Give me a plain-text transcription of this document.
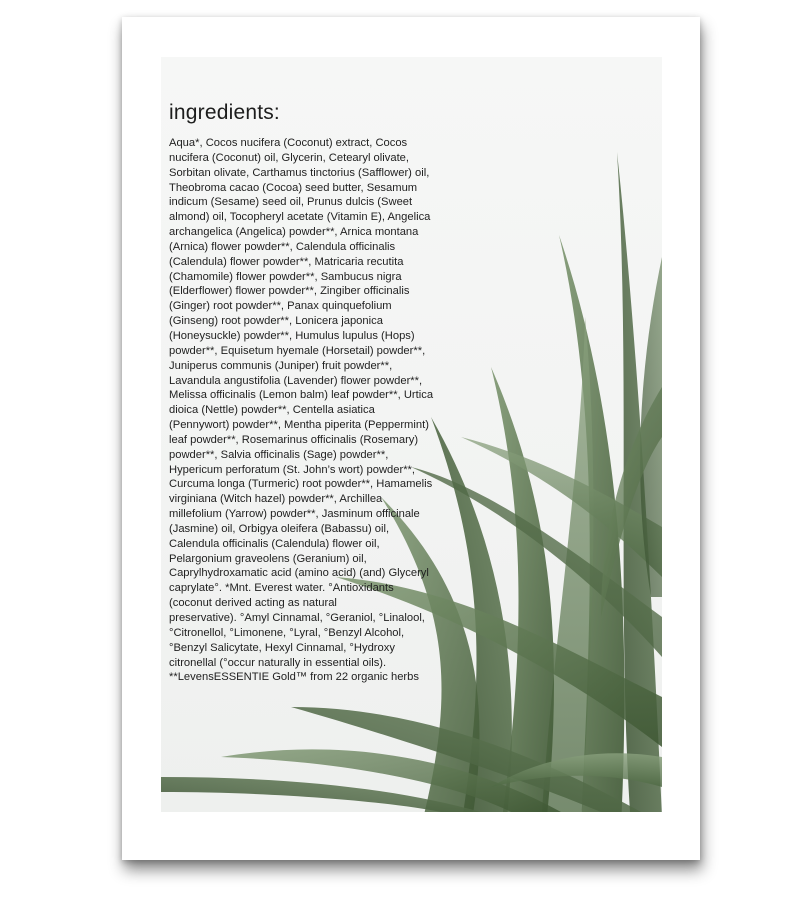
ingredients:

Aqua*, Cocos nucifera (Coconut) extract, Cocos
nucifera (Coconut) oil, Glycerin, Cetearyl olivate,
Sorbitan olivate, Carthamus tinctorius (Safflower) oil,
Theobroma cacao (Cocoa) seed butter, Sesamum
indicum (Sesame) seed oil, Prunus dulcis (Sweet
almond) oil, Tocopheryl acetate (Vitamin E), Angelica
archangelica (Angelica) powder**, Arnica montana
(Arnica) flower powder**, Calendula officinalis
(Calendula) flower powder**, Matricaria recutita
(Chamomile) flower powder**, Sambucus nigra
(Elderflower) flower powder**, Zingiber officinalis
(Ginger) root powder**, Panax quinquefolium
(Ginseng) root powder**, Lonicera japonica
(Honeysuckle) powder**, Humulus lupulus (Hops)
powder**, Equisetum hyemale (Horsetail) powder**,
Juniperus communis (Juniper) fruit powder**,
Lavandula angustifolia (Lavender) flower powder**,
Melissa officinalis (Lemon balm) leaf powder**, Urtica
dioica (Nettle) powder**, Centella asiatica
(Pennywort) powder**, Mentha piperita (Peppermint)
leaf powder**, Rosemarinus officinalis (Rosemary)
powder**, Salvia officinalis (Sage) powder**,
Hypericum perforatum (St. John’s wort) powder**,
Curcuma longa (Turmeric) root powder**, Hamamelis
virginiana (Witch hazel) powder**, Archillea
millefolium (Yarrow) powder**, Jasminum officinale
(Jasmine) oil, Orbigya oleifera (Babassu) oil,
Calendula officinalis (Calendula) flower oil,
Pelargonium graveolens (Geranium) oil,
Caprylhydroxamatic acid (amino acid) (and) Glyceryl
caprylate°. *Mnt. Everest water. °Antioxidants
(coconut derived acting as natural
preservative). °Amyl Cinnamal, °Geraniol, °Linalool,
°Citronellol, °Limonene, °Lyral, °Benzyl Alcohol,
°Benzyl Salicytate, Hexyl Cinnamal, °Hydroxy
citronellal (°occur naturally in essential oils).
**LevensESSENTIE Gold™ from 22 organic herbs
